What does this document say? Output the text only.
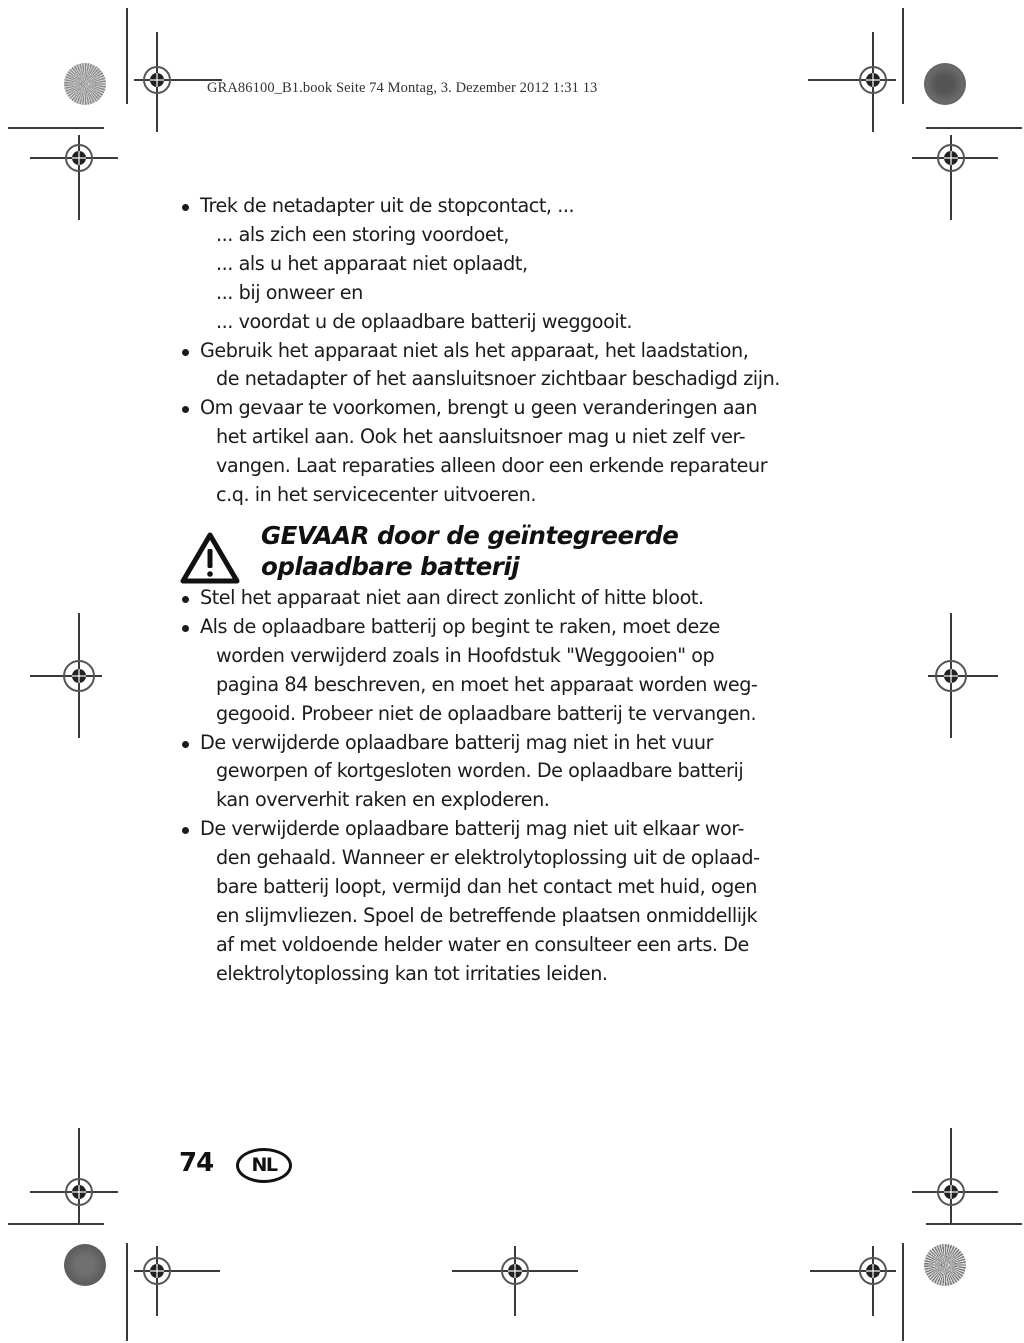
GRA86100_B1.book Seite 74 Montag, 3. Dezember 2012 1:31 13

Trek de netadapter uit de stopcontact, ...

... als zich een storing voordoet,

... als u het apparaat niet oplaadt,

... bij onweer en

... voordat u de oplaadbare batterij weggooit.

Gebruik het apparaat niet als het apparaat, het laadstation,

de netadapter of het aansluitsnoer zichtbaar beschadigd zijn.

Om gevaar te voorkomen, brengt u geen veranderingen aan

het artikel aan. Ook het aansluitsnoer mag u niet zelf ver-

vangen. Laat reparaties alleen door een erkende reparateur

c.q. in het servicecenter uitvoeren.

GEVAAR door de geïntegreerde
oplaadbare batterij

Stel het apparaat niet aan direct zonlicht of hitte bloot.

Als de oplaadbare batterij op begint te raken, moet deze

worden verwijderd zoals in Hoofdstuk "Weggooien" op

pagina 84 beschreven, en moet het apparaat worden weg-

gegooid. Probeer niet de oplaadbare batterij te vervangen.

De verwijderde oplaadbare batterij mag niet in het vuur

geworpen of kortgesloten worden. De oplaadbare batterij

kan oververhit raken en exploderen.

De verwijderde oplaadbare batterij mag niet uit elkaar wor-

den gehaald. Wanneer er elektrolytoplossing uit de oplaad-

bare batterij loopt, vermijd dan het contact met huid, ogen

en slijmvliezen. Spoel de betreffende plaatsen onmiddellijk

af met voldoende helder water en consulteer een arts. De

elektrolytoplossing kan tot irritaties leiden.

74	NL
